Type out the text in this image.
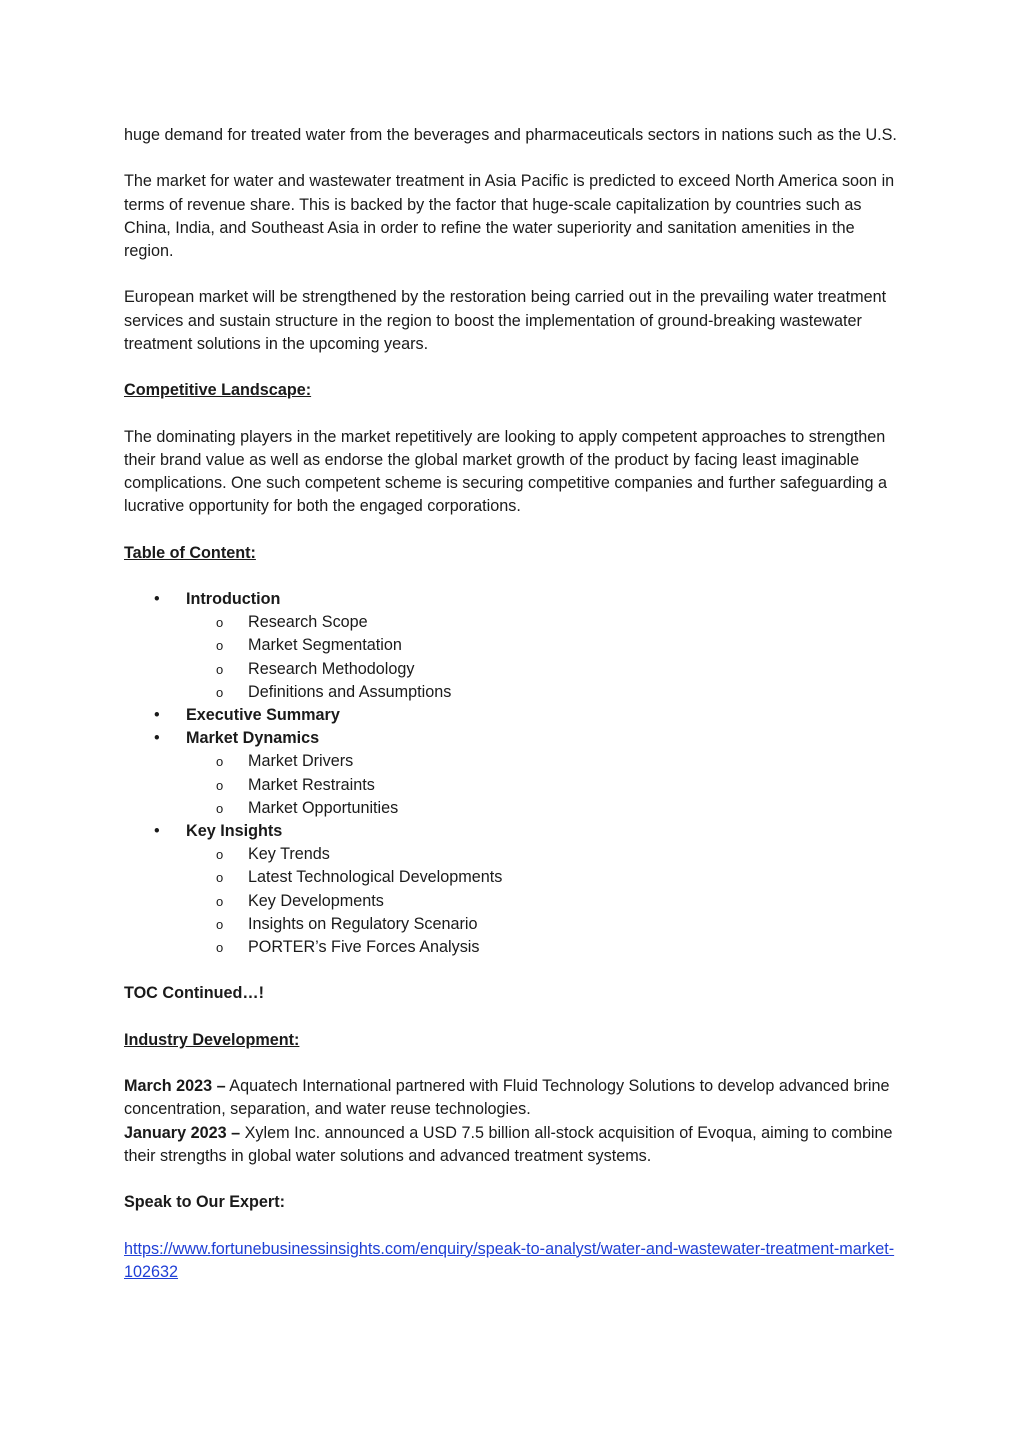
huge demand for treated water from the beverages and pharmaceuticals sectors in nations such as the U.S.

The market for water and wastewater treatment in Asia Pacific is predicted to exceed North America soon in terms of revenue share. This is backed by the factor that huge-scale capitalization by countries such as China, India, and Southeast Asia in order to refine the water superiority and sanitation amenities in the region.

European market will be strengthened by the restoration being carried out in the prevailing water treatment services and sustain structure in the region to boost the implementation of ground-breaking wastewater treatment solutions in the upcoming years.

Competitive Landscape:

The dominating players in the market repetitively are looking to apply competent approaches to strengthen their brand value as well as endorse the global market growth of the product by facing least imaginable complications. One such competent scheme is securing competitive companies and further safeguarding a lucrative opportunity for both the engaged corporations.

Table of Content:
• Introduction
o Research Scope
o Market Segmentation
o Research Methodology
o Definitions and Assumptions
• Executive Summary
• Market Dynamics
o Market Drivers
o Market Restraints
o Market Opportunities
• Key Insights
o Key Trends
o Latest Technological Developments
o Key Developments
o Insights on Regulatory Scenario
o PORTER’s Five Forces Analysis
TOC Continued…!
Industry Development:

March 2023 – Aquatech International partnered with Fluid Technology Solutions to develop advanced brine concentration, separation, and water reuse technologies.
January 2023 – Xylem Inc. announced a USD 7.5 billion all-stock acquisition of Evoqua, aiming to combine their strengths in global water solutions and advanced treatment systems.

Speak to Our Expert:

https://www.fortunebusinessinsights.com/enquiry/speak-to-analyst/water-and-wastewater-treatment-market-102632
